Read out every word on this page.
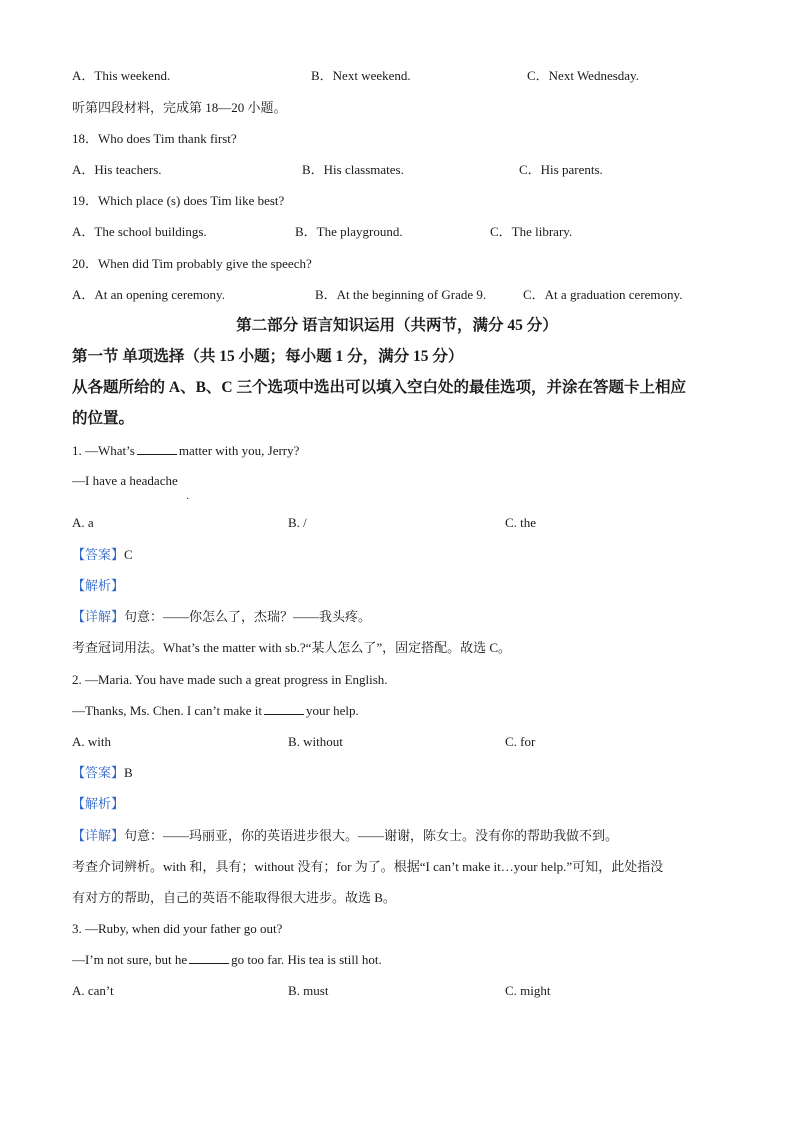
A．This weekend.	B．Next weekend.	C．Next Wednesday.
听第四段材料，完成第 18—20 小题。
18．Who does Tim thank first?
A．His teachers.	B．His classmates.	C．His parents.
19．Which place (s) does Tim like best?
A．The school buildings.	B．The playground.	C．The library.
20．When did Tim probably give the speech?
A．At an opening ceremony.	B．At the beginning of Grade 9.	C．At a graduation ceremony.
第二部分 语言知识运用（共两节，满分 45 分）
第一节 单项选择（共 15 小题；每小题 1 分，满分 15 分）
从各题所给的 A、B、C 三个选项中选出可以填入空白处的最佳选项，并涂在答题卡上相应
的位置。
1. —What’s	matter with you, Jerry?
—I have a headache
·
A. a	B. /	C. the
【答案】C
【解析】
【详解】句意：——你怎么了，杰瑞？——我头疼。
考查冠词用法。What’s the matter with sb.?“某人怎么了”，固定搭配。故选 C。
2. —Maria. You have made such a great progress in English.
—Thanks, Ms. Chen. I can’t make it	your help.
A. with	B. without	C. for
【答案】B
【解析】
【详解】句意：——玛丽亚，你的英语进步很大。——谢谢，陈女士。没有你的帮助我做不到。
考查介词辨析。with 和，具有；without 没有；for 为了。根据“I can’t make it…your help.”可知，此处指没
有对方的帮助，自己的英语不能取得很大进步。故选 B。
3. —Ruby, when did your father go out?
—I’m not sure, but he	go too far. His tea is still hot.
A. can’t	B. must	C. might
